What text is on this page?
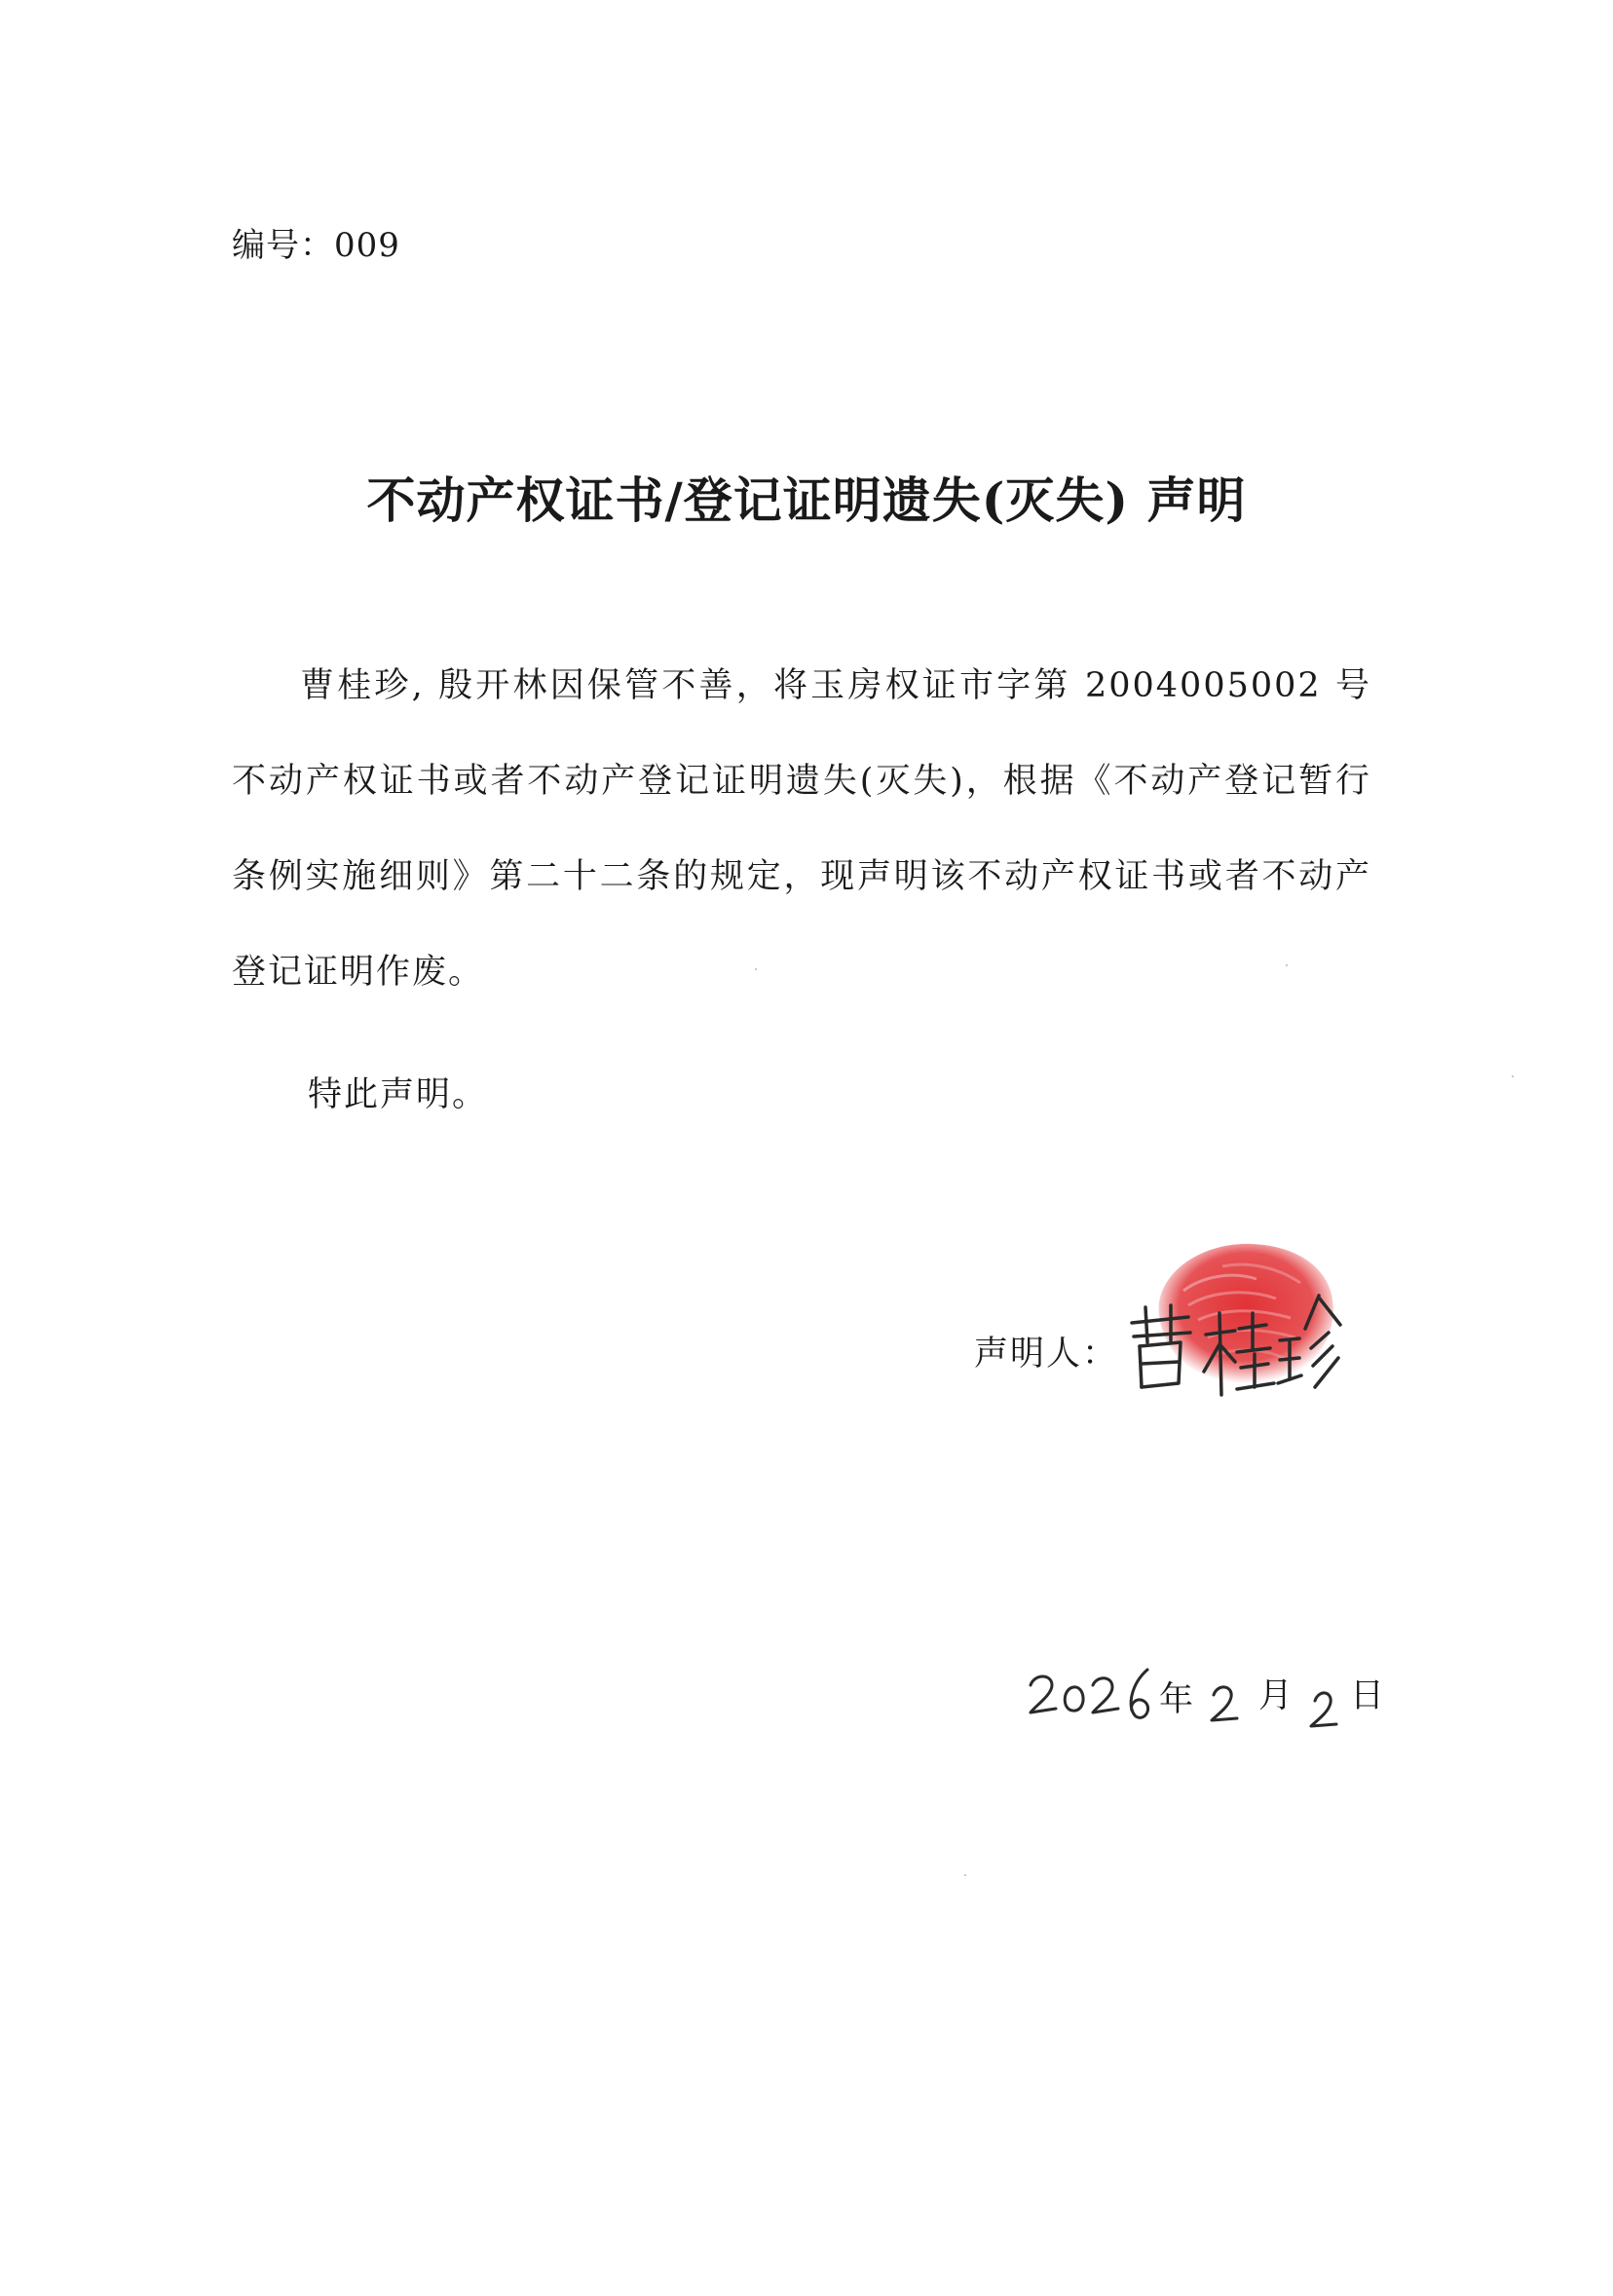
编号：009
不动产权证书/登记证明遗失(灭失) 声明
曹桂珍, 殷开林因保管不善，将玉房权证市字第 2004005002 号不动产权证书或者不动产登记证明遗失(灭失)，根据《不动产登记暂行条例实施细则》第二十二条的规定，现声明该不动产权证书或者不动产登记证明作废。
特此声明。
声明人：
年 月 日
